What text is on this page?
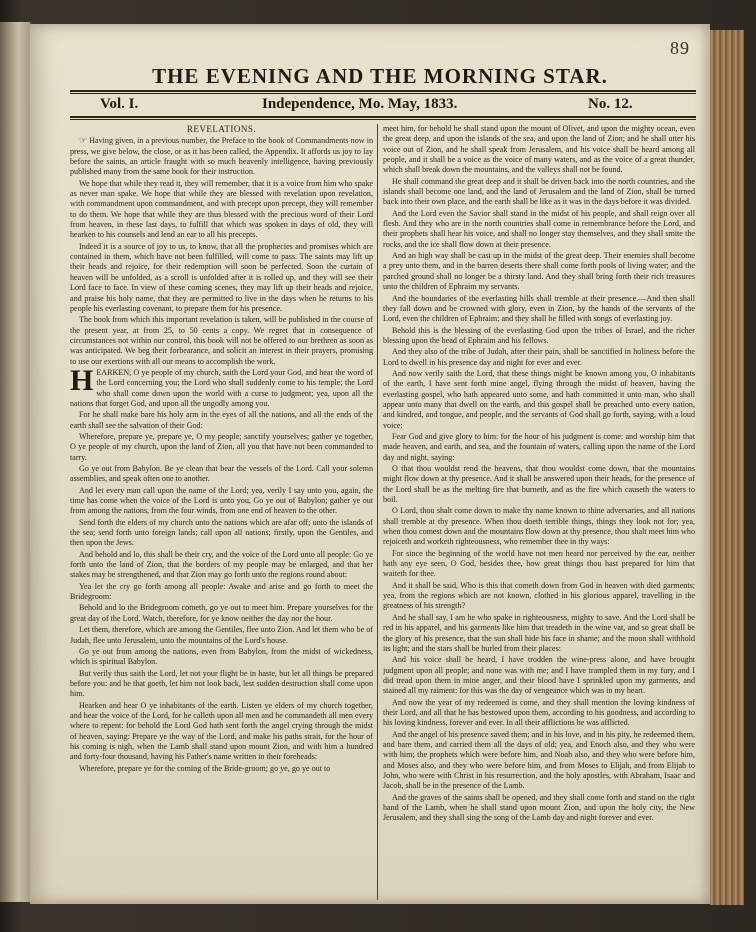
89
THE EVENING AND THE MORNING STAR.
Vol. I.	Independence, Mo. May, 1833.	No. 12.
REVELATIONS.

☞ Having given, in a previous number, the Preface to the book of Commandments now in press, we give below, the close, or as it has been called, the Appendix. It affords us joy to lay before the saints, an article fraught with so much heavenly intelligence, having previously published many from the same book for their instruction.

We hope that while they read it, they will remember, that it is a voice from him who spake as never man spake. We hope that while they are blessed with revelation upon revelation, with commandment upon commandment, and with precept upon precept, they will remember to do them. We hope that while they are thus blessed with the precious word of their Lord from heaven, in these last days, to fulfill that which was spoken in days of old, they will hearken to his counsels and lend an ear to all his precepts.

Indeed it is a source of joy to us, to know, that all the prophecies and promises which are contained in them, which have not been fulfilled, will come to pass. The saints may lift up their heads and rejoice, for their redemption will soon be perfected. Soon the curtain of heaven will be unfolded, as a scroll is unfolded after it is rolled up, and they will see their Lord face to face. In view of these coming scenes, they may lift up their heads and rejoice, and praise his holy name, that they are permitted to live in the days when he returns to his people his everlasting covenant, to prepare them for his presence.

The book from which this important revelation is taken, will be published in the course of the present year, at from 25, to 50 cents a copy. We regret that in consequence of circumstances not within our control, this book will not be offered to our brethren as soon as was anticipated. We beg their forbearance, and solicit an interest in their prayers, promising to use our exertions with all our means to accomplish the work.

HEARKEN, O ye people of my church, saith the Lord your God, and hear the word of the Lord concerning you; the Lord who shall suddenly come to his temple; the Lord who shall come down upon the world with a curse to judgment; yea, upon all the nations that forget God, and upon all the ungodly among you.

For he shall make bare his holy arm in the eyes of all the nations, and all the ends of the earth shall see the salvation of their God:

Wherefore, prepare ye, prepare ye, O my people; sanctify yourselves; gather ye together, O ye people of my church, upon the land of Zion, all you that have not been commanded to tarry.

Go ye out from Babylon. Be ye clean that bear the vessels of the Lord. Call your solemn assemblies, and speak often one to another.

And let every man call upon the name of the Lord; yea, verily I say unto you, again, the time has come when the voice of the Lord is unto you, Go ye out of Babylon; gather ye out from among the nations, from the four winds, from one end of heaven to the other.

Send forth the elders of my church unto the nations which are afar off; unto the islands of the sea; send forth unto foreign lands; call upon all nations; firstly, upon the Gentiles, and then upon the Jews.

And behold and lo, this shall be their cry, and the voice of the Lord unto all people: Go ye forth unto the land of Zion, that the borders of my people may be enlarged, and that her stakes may be strengthened, and that Zion may go forth unto the regions round about:

Yea let the cry go forth among all people: Awake and arise and go forth to meet the Bridegroom:

Behold and lo the Bridegroom cometh, go ye out to meet him. Prepare yourselves for the great day of the Lord. Watch, therefore, for ye know neither the day nor the hour.

Let them, therefore, which are among the Gentiles, flee unto Zion. And let them who be of Judah, flee unto Jerusalem, unto the mountains of the Lord's house.

Go ye out from among the nations, even from Babylon, from the midst of wickedness, which is spiritual Babylon.

But verily thus saith the Lord, let not your flight be in haste, but let all things be prepared before you: and he that goeth, let him not look back, lest sudden destruction shall come upon him.

Hearken and hear O ye inhabitants of the earth. Listen ye elders of my church together, and hear the voice of the Lord, for he calleth upon all men and he commandeth all men every where to repent: for behold the Lord God hath sent forth the angel crying through the midst of heaven, saying: Prepare ye the way of the Lord, and make his paths strait, for the hour of his coming is nigh, when the Lamb shall stand upon mount Zion, and with him a hundred and forty-four thousand, having his Father's name written in their foreheads:

Wherefore, prepare ye for the coming of the Bride-groom; go ye, go ye out to

meet him, for behold he shall stand upon the mount of Olivet, and upon the mighty ocean, even the great deep, and upon the islands of the sea, and upon the land of Zion; and he shall utter his voice out of Zion, and he shall speak from Jerusalem, and his voice shall be heard among all people, and it shall be a voice as the voice of many waters, and as the voice of a great thunder, which shall break down the mountains, and the valleys shall not be found.

He shall command the great deep and it shall be driven back into the north countries, and the islands shall become one land, and the land of Jerusalem and the land of Zion, shall be turned back into their own place, and the earth shall be like as it was in the days before it was divided.

And the Lord even the Savior shall stand in the midst of his people, and shall reign over all flesh. And they who are in the north countries shall come in remembrance before the Lord, and their prophets shall hear his voice, and shall no longer stay themselves, and they shall smite the rocks, and the ice shall flow down at their presence.

And an high way shall be cast up in the midst of the great deep. Their enemies shall become a prey unto them, and in the barren deserts there shall come forth pools of living water; and the parched ground shall no longer be a thirsty land. And they shall bring forth their rich treasures unto the children of Ephraim my servants.

And the boundaries of the everlasting hills shall tremble at their presence.—And then shall they fall down and be crowned with glory, even in Zion, by the hands of the servants of the Lord, even the children of Ephraim; and they shall be filled with songs of everlasting joy.

Behold this is the blessing of the everlasting God upon the tribes of Israel, and the richer blessing upon the head of Ephraim and his fellows.

And they also of the tribe of Judah, after their pain, shall be sanctified in holiness before the Lord to dwell in his presence day and night for ever and ever.

And now verily saith the Lord, that these things might be known among you, O inhabitants of the earth, I have sent forth mine angel, flying through the midst of heaven, having the everlasting gospel, who hath appeared unto some, and hath committed it unto man, who shall appear unto many that dwell on the earth, and this gospel shall be preached unto every nation, and kindred, and tongue, and people, and the servants of God shall go forth, saying, with a loud voice:

Fear God and give glory to him: for the hour of his judgment is come: and worship him that made heaven, and earth, and sea, and the fountain of waters, calling upon the name of the Lord day and night, saying:

O that thou wouldst rend the heavens, that thou wouldst come down, that the mountains might flow down at thy presence. And it shall be answered upon their heads, for the presence of the Lord shall be as the melting fire that burneth, and as the fire which causeth the waters to boil.

O Lord, thou shalt come down to make thy name known to thine adversaries, and all nations shall tremble at thy presence. When thou doeth terrible things, things they look not for; yea, when thou comest down and the mountains flow down at thy presence, thou shalt meet him who rejoiceth and worketh righteousness, who remember thee in thy ways:

For since the beginning of the world have not men heard nor perceived by the ear, neither hath any eye seen, O God, besides thee, how great things thou hast prepared for him that waiteth for thee.

And it shall be said, Who is this that cometh down from God in heaven with died garments; yea, from the regions which are not known, clothed in his glorious apparel, travelling in the greatness of his strength?

And he shall say, I am he who spake in righteousness, mighty to save. And the Lord shall be red in his apparel, and his garments like him that treadeth in the wine vat, and so great shall be the glory of his presence, that the sun shall hide his face in shame; and the moon shall withhold its light; and the stars shall be hurled from their places:

And his voice shall be heard, I have trodden the wine-press alone, and have brought judgment upon all people; and none was with me; and I have trampled them in my fury, and I did tread upon them in mine anger, and their blood have I sprinkled upon my garments, and stained all my raiment: for this was the day of vengeance which was in my heart.

And now the year of my redeemed is come, and they shall mention the loving kindness of their Lord, and all that he has bestowed upon them, according to his goodness, and according to his loving kindness, forever and ever. In all their afflictions he was afflicted.

And the angel of his presence saved them; and in his love, and in his pity, he redeemed them, and bare them, and carried them all the days of old; yea, and Enoch also, and they who were with him; the prophets which were before him, and Noah also, and they who were before him, and Moses also, and they who were before him, and from Moses to Elijah, and from Elijah to John, who were with Christ in his resurrection, and the holy apostles, with Abraham, Isaac and Jacob, shall be in the presence of the Lamb.

And the graves of the saints shall be opened, and they shall come forth and stand on the right hand of the Lamb, when he shall stand upon mount Zion, and upon the holy city, the New Jerusalem, and they shall sing the song of the Lamb day and night forever and ever.
